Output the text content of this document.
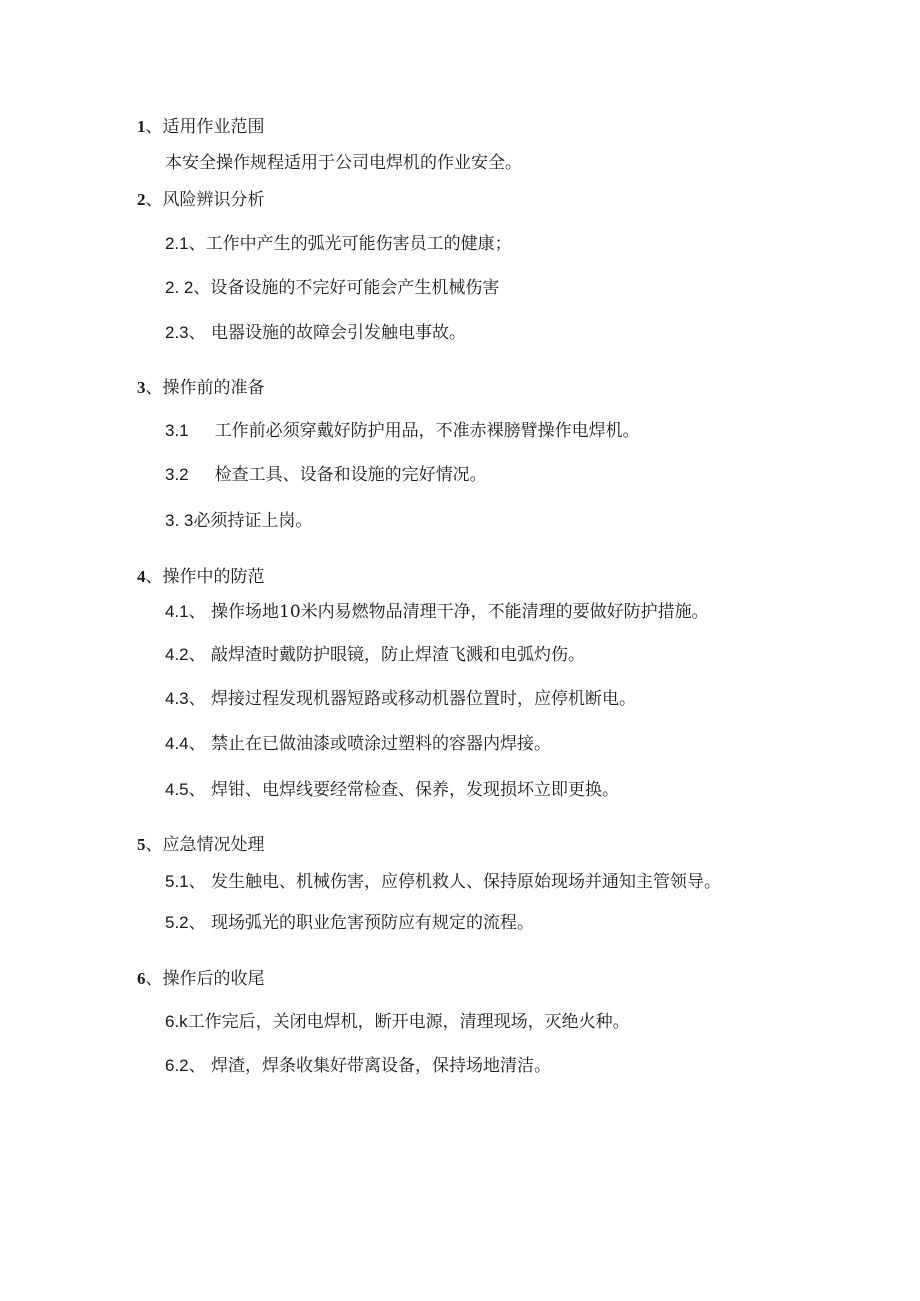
1、适用作业范围
本安全操作规程适用于公司电焊机的作业安全。
2、风险辨识分析
2.1、工作中产生的弧光可能伤害员工的健康；
2. 2、设备设施的不完好可能会产生机械伤害
2.3、 电器设施的故障会引发触电事故。
3、操作前的准备
3.1 工作前必须穿戴好防护用品，不准赤裸膀臂操作电焊机。
3.2 检查工具、设备和设施的完好情况。
3. 3必须持证上岗。
4、操作中的防范
4.1、 操作场地10米内易燃物品清理干净，不能清理的要做好防护措施。
4.2、 敲焊渣时戴防护眼镜，防止焊渣飞溅和电弧灼伤。
4.3、 焊接过程发现机器短路或移动机器位置时，应停机断电。
4.4、 禁止在已做油漆或喷涂过塑料的容器内焊接。
4.5、 焊钳、电焊线要经常检查、保养，发现损坏立即更换。
5、应急情况处理
5.1、 发生触电、机械伤害，应停机救人、保持原始现场并通知主管领导。
5.2、 现场弧光的职业危害预防应有规定的流程。
6、操作后的收尾
6.k工作完后，关闭电焊机，断开电源，清理现场，灭绝火种。
6.2、 焊渣，焊条收集好带离设备，保持场地清洁。
